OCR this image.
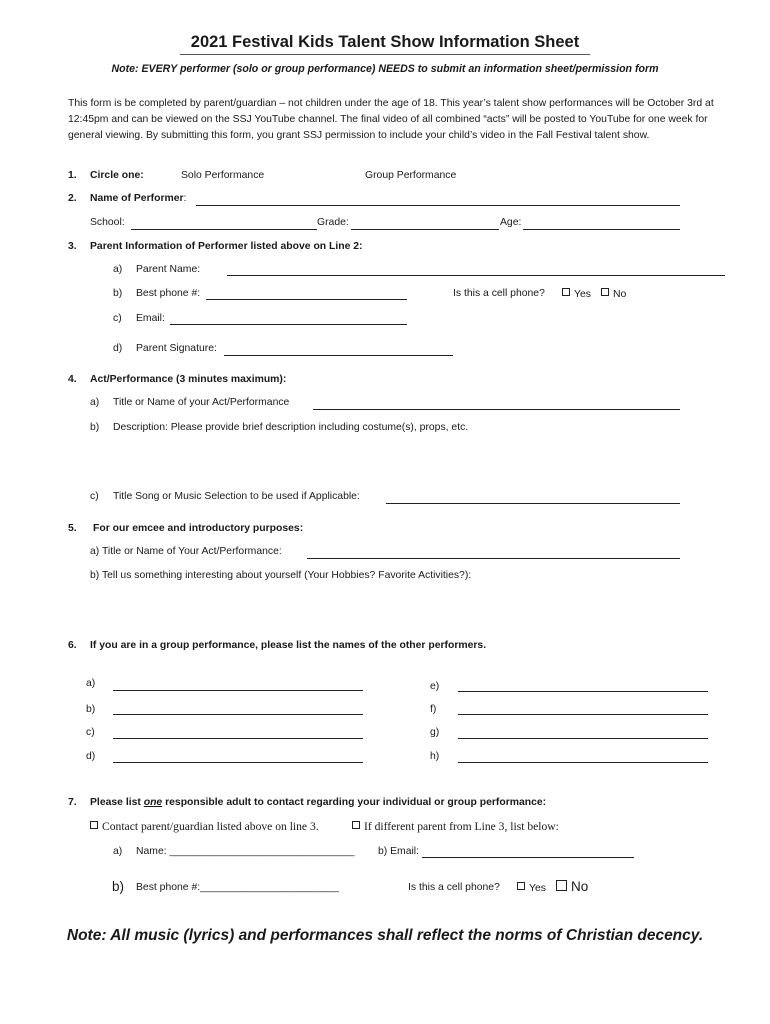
2021 Festival Kids Talent Show Information Sheet
Note: EVERY performer (solo or group performance) NEEDS to submit an information sheet/permission form
This form is be completed by parent/guardian – not children under the age of 18. This year’s talent show performances will be October 3rd at 12:45pm and can be viewed on the SSJ YouTube channel. The final video of all combined “acts” will be posted to YouTube for one week for general viewing. By submitting this form, you grant SSJ permission to include your child’s video in the Fall Festival talent show.
1. Circle one:	Solo Performance	Group Performance
2. Name of Performer:
School:	Grade:	Age:
3. Parent Information of Performer listed above on Line 2:
a) Parent Name:
b) Best phone #:	Is this a cell phone?	Yes	No
c) Email:
d) Parent Signature:
4. Act/Performance (3 minutes maximum):
a) Title or Name of your Act/Performance
b) Description: Please provide brief description including costume(s), props, etc.
c) Title Song or Music Selection to be used if Applicable:
5. For our emcee and introductory purposes:
a) Title or Name of Your Act/Performance:
b) Tell us something interesting about yourself (Your Hobbies? Favorite Activities?):
6. If you are in a group performance, please list the names of the other performers.
a)
b)
c)
d)
e)
f)
g)
h)
7. Please list one responsible adult to contact regarding your individual or group performance:
Contact parent/guardian listed above on line 3.	If different parent from Line 3, list below:
a) Name: ________________________________ b) Email:
b) Best phone #:________________________	Is this a cell phone?	Yes	No
Note: All music (lyrics) and performances shall reflect the norms of Christian decency.
